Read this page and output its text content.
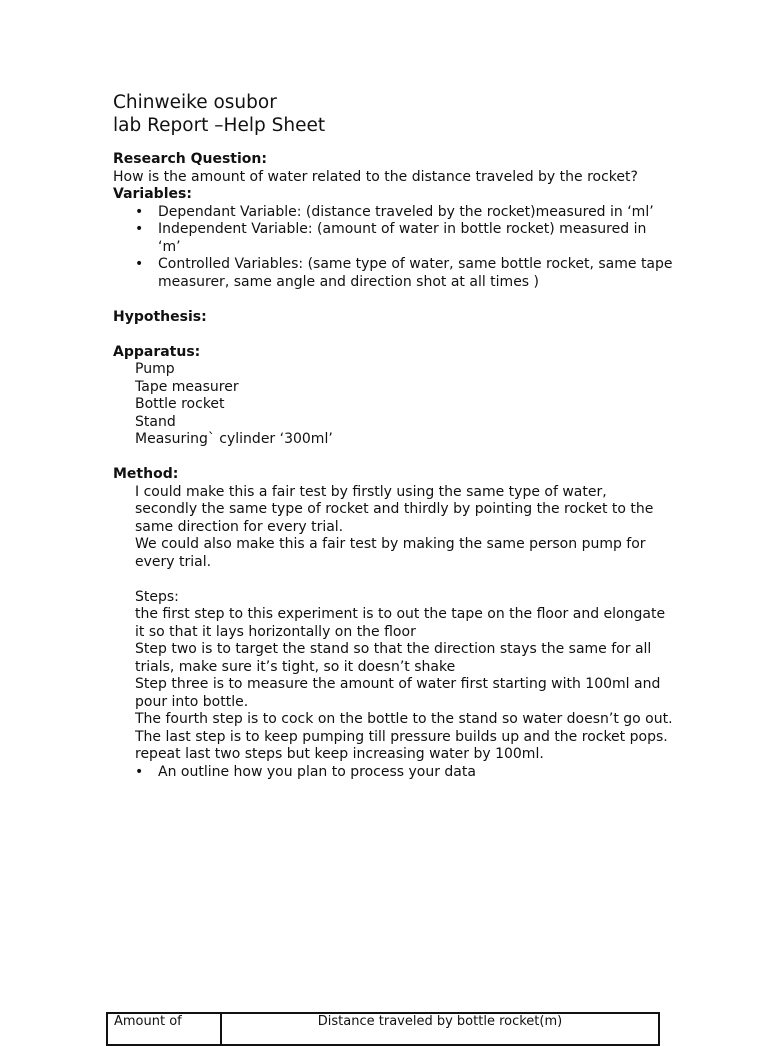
Chinweike osubor
lab Report –Help Sheet
Research Question:
How is the amount of water related to the distance traveled by the rocket?
Variables:
• Dependant Variable: (distance traveled by the rocket)measured in ‘ml’
• Independent Variable: (amount of water in bottle rocket) measured in ‘m’
• Controlled Variables: (same type of water, same bottle rocket, same tape measurer, same angle and direction shot at all times )
Hypothesis:
Apparatus:
Pump
Tape measurer
Bottle rocket
Stand
Measuring` cylinder ‘300ml’
Method:
I could make this a fair test by firstly using the same type of water, secondly the same type of rocket and thirdly by pointing the rocket to the same direction for every trial.
We could also make this a fair test by making the same person pump for every trial.
Steps:
the first step to this experiment is to out the tape on the floor and elongate it so that it lays horizontally on the floor
Step two is to target the stand so that the direction stays the same for all trials, make sure it’s tight, so it doesn’t shake
Step three is to measure the amount of water first starting with 100ml and pour into bottle.
The fourth step is to cock on the bottle to the stand so water doesn’t go out.
The last step is to keep pumping till pressure builds up and the rocket pops. repeat last two steps but keep increasing water by 100ml.
• An outline how you plan to process your data
Amount of	Distance traveled by bottle rocket(m)
